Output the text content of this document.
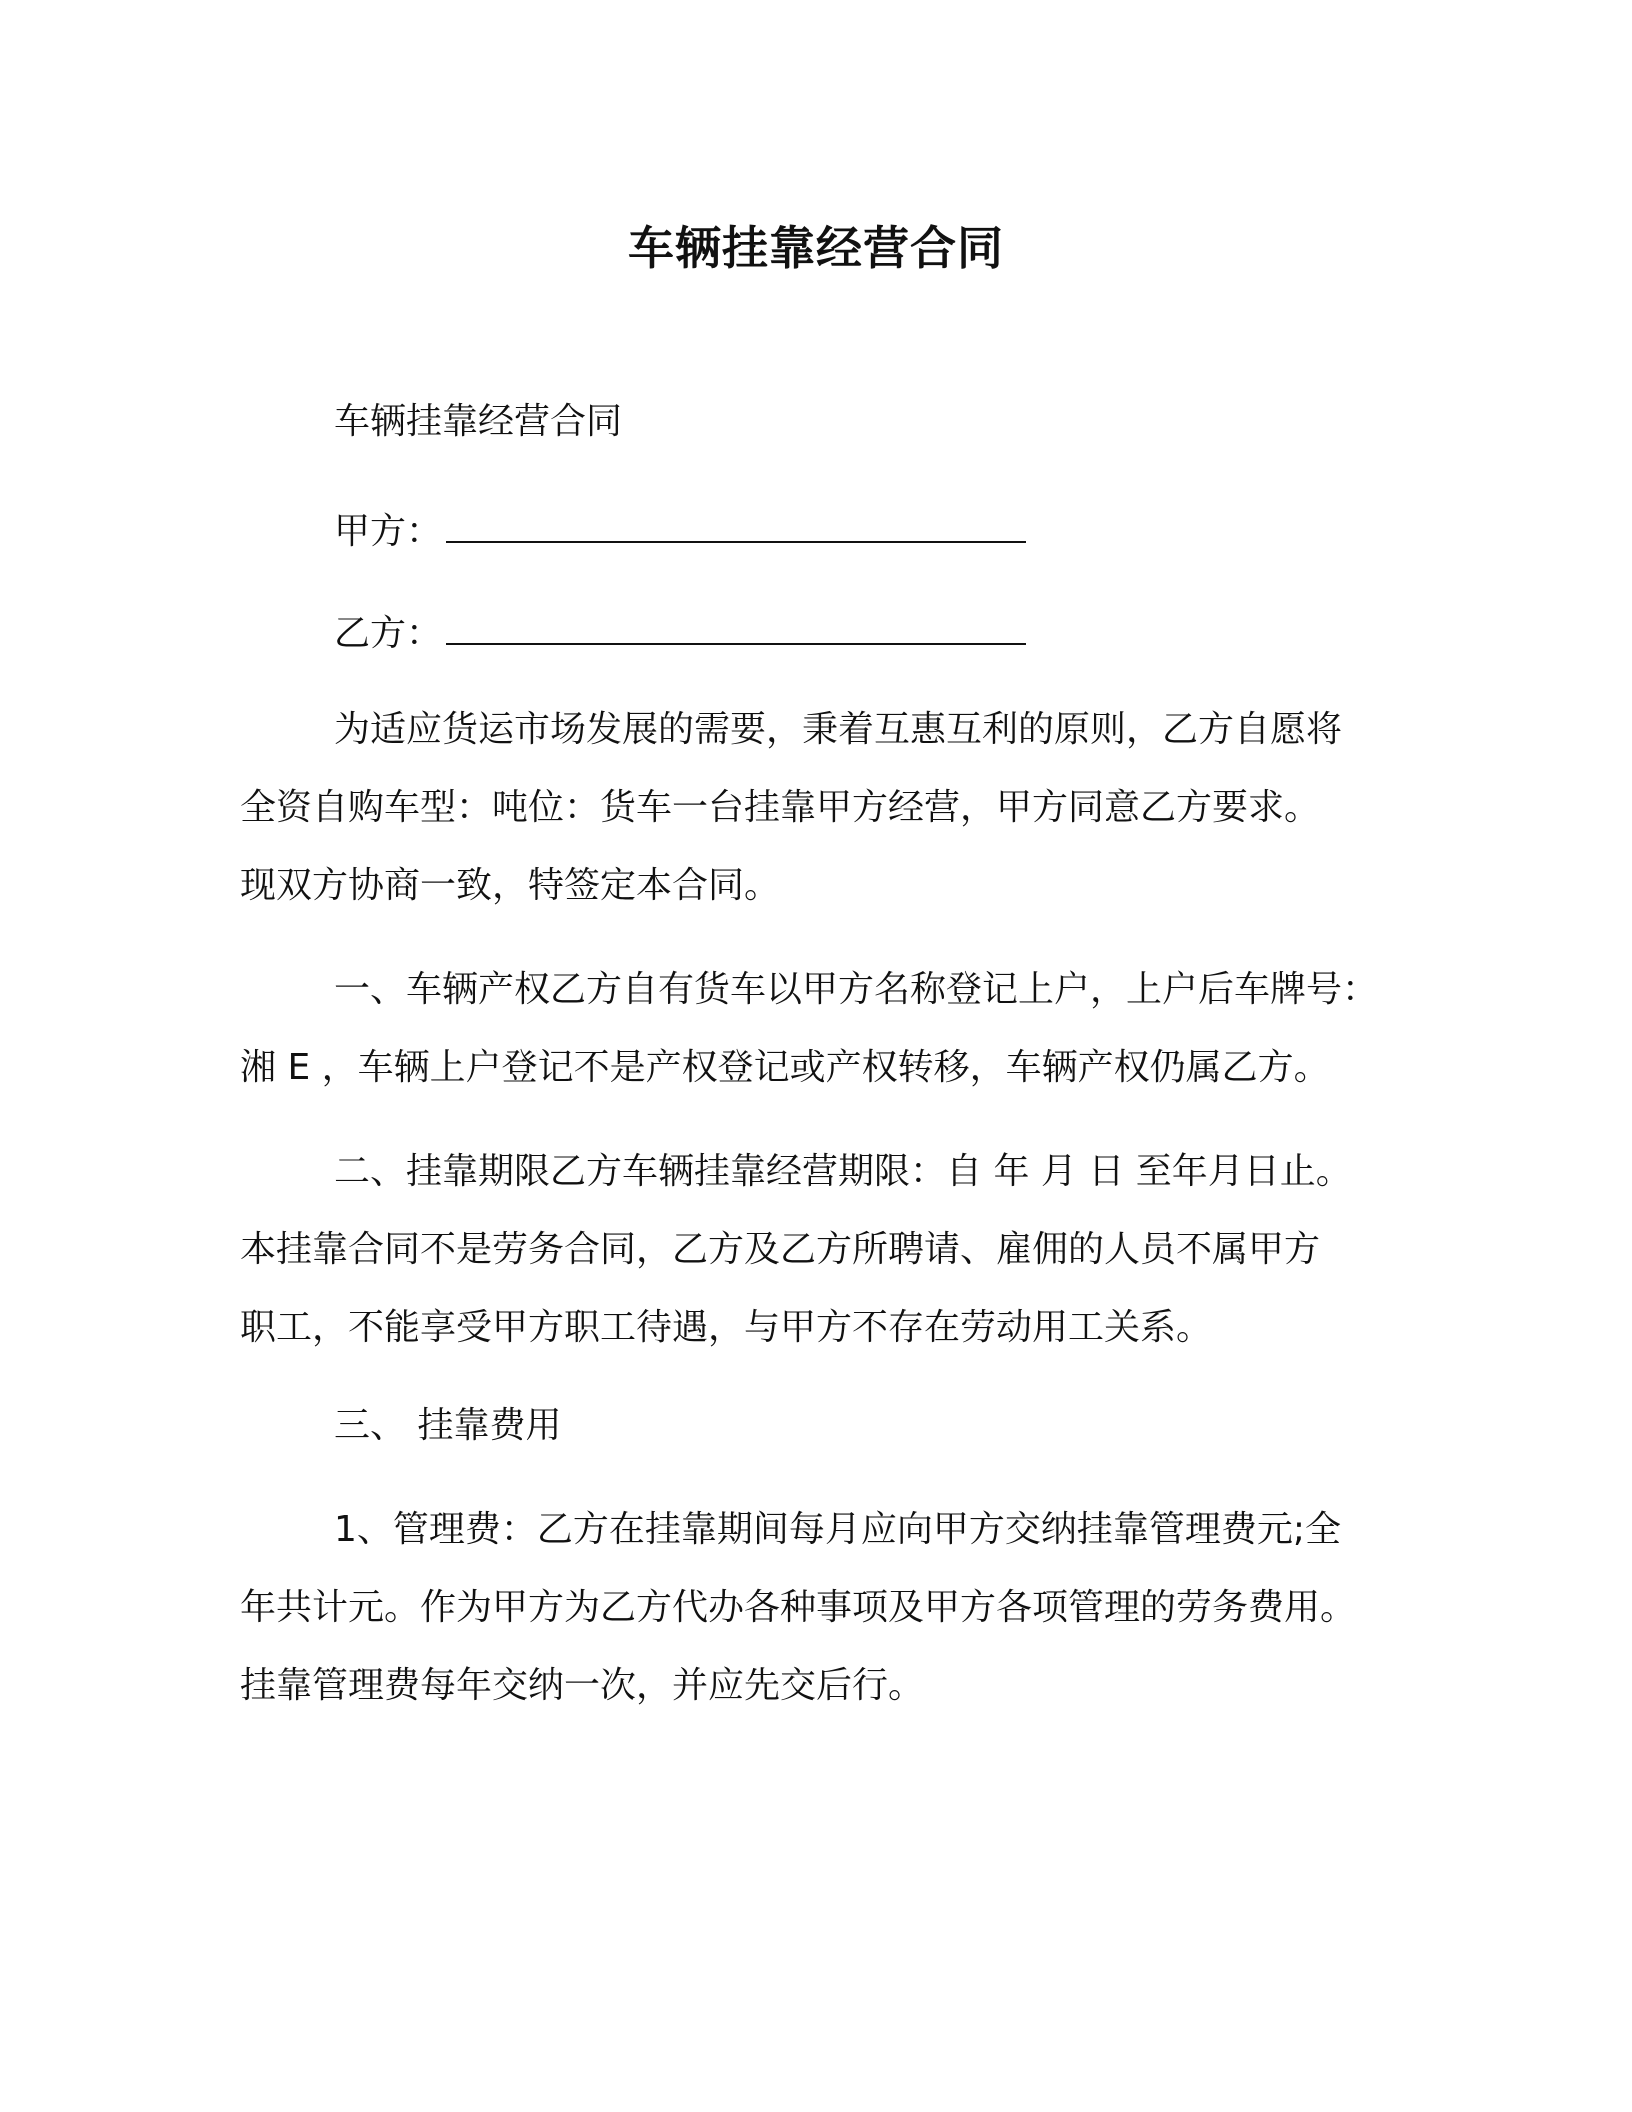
车辆挂靠经营合同
车辆挂靠经营合同
甲方：
乙方：
为适应货运市场发展的需要，秉着互惠互利的原则，乙方自愿将
全资自购车型：吨位：货车一台挂靠甲方经营，甲方同意乙方要求。
现双方协商一致，特签定本合同。
一、车辆产权乙方自有货车以甲方名称登记上户，上户后车牌号：
湘 E ，车辆上户登记不是产权登记或产权转移，车辆产权仍属乙方。
二、挂靠期限乙方车辆挂靠经营期限：自 年 月 日 至年月日止。
本挂靠合同不是劳务合同，乙方及乙方所聘请、雇佣的人员不属甲方
职工，不能享受甲方职工待遇，与甲方不存在劳动用工关系。
三、 挂靠费用
1、管理费：乙方在挂靠期间每月应向甲方交纳挂靠管理费元;全
年共计元。作为甲方为乙方代办各种事项及甲方各项管理的劳务费用。
挂靠管理费每年交纳一次，并应先交后行。
